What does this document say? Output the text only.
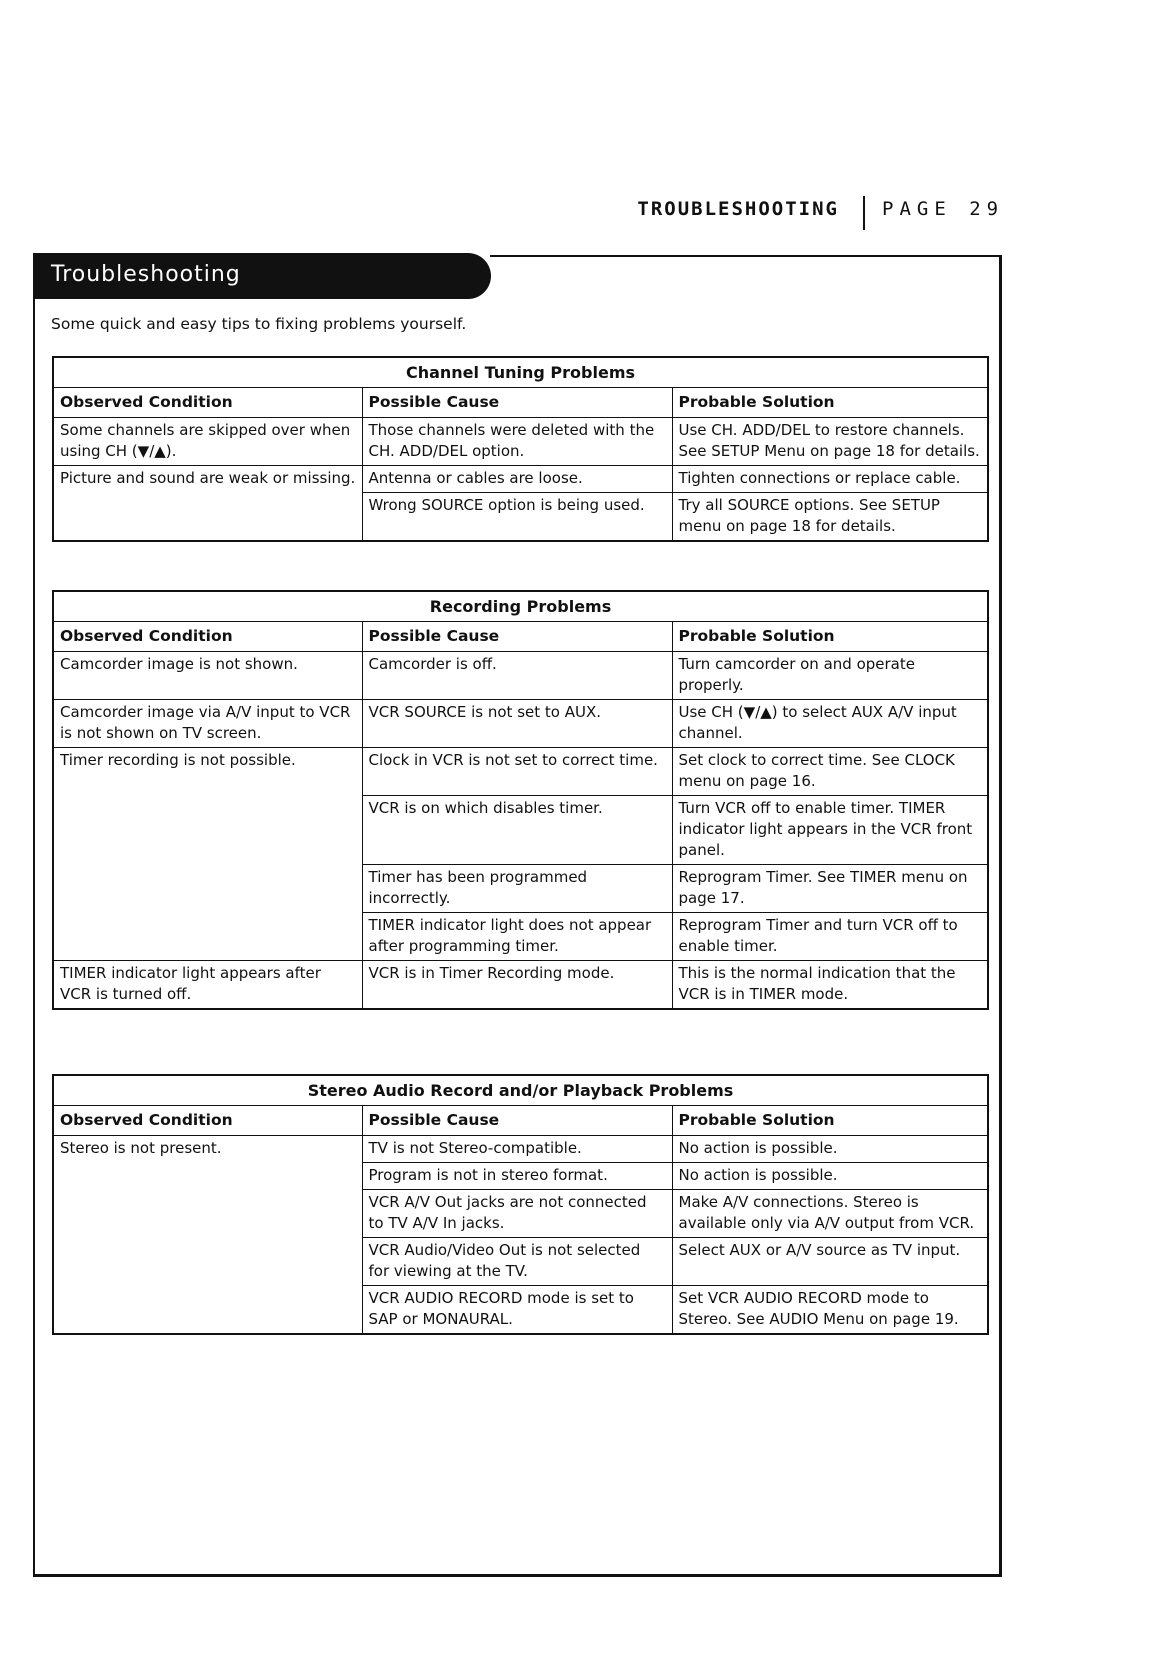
TROUBLESHOOTING PAGE 29
Troubleshooting
Some quick and easy tips to fixing problems yourself.
Channel Tuning Problems		
Observed Condition	Possible Cause	Probable Solution
Some channels are skipped over when using CH (▼/▲).	Those channels were deleted with the CH. ADD/DEL option.	Use CH. ADD/DEL to restore channels. See SETUP Menu on page 18 for details.
Picture and sound are weak or missing.	Antenna or cables are loose.	Tighten connections or replace cable.
	Wrong SOURCE option is being used.	Try all SOURCE options. See SETUP menu on page 18 for details.
Recording Problems		
Observed Condition	Possible Cause	Probable Solution
Camcorder image is not shown.	Camcorder is off.	Turn camcorder on and operate properly.
Camcorder image via A/V input to VCR is not shown on TV screen.	VCR SOURCE is not set to AUX.	Use CH (▼/▲) to select AUX A/V input channel.
Timer recording is not possible.	Clock in VCR is not set to correct time.	Set clock to correct time. See CLOCK menu on page 16.
	VCR is on which disables timer.	Turn VCR off to enable timer. TIMER indicator light appears in the VCR front panel.
	Timer has been programmed incorrectly.	Reprogram Timer. See TIMER menu on page 17.
	TIMER indicator light does not appear after programming timer.	Reprogram Timer and turn VCR off to enable timer.
TIMER indicator light appears after VCR is turned off.	VCR is in Timer Recording mode.	This is the normal indication that the VCR is in TIMER mode.
Stereo Audio Record and/or Playback Problems		
Observed Condition	Possible Cause	Probable Solution
Stereo is not present.	TV is not Stereo-compatible.	No action is possible.
	Program is not in stereo format.	No action is possible.
	VCR A/V Out jacks are not connected to TV A/V In jacks.	Make A/V connections. Stereo is available only via A/V output from VCR.
	VCR Audio/Video Out is not selected for viewing at the TV.	Select AUX or A/V source as TV input.
	VCR AUDIO RECORD mode is set to SAP or MONAURAL.	Set VCR AUDIO RECORD mode to Stereo. See AUDIO Menu on page 19.
